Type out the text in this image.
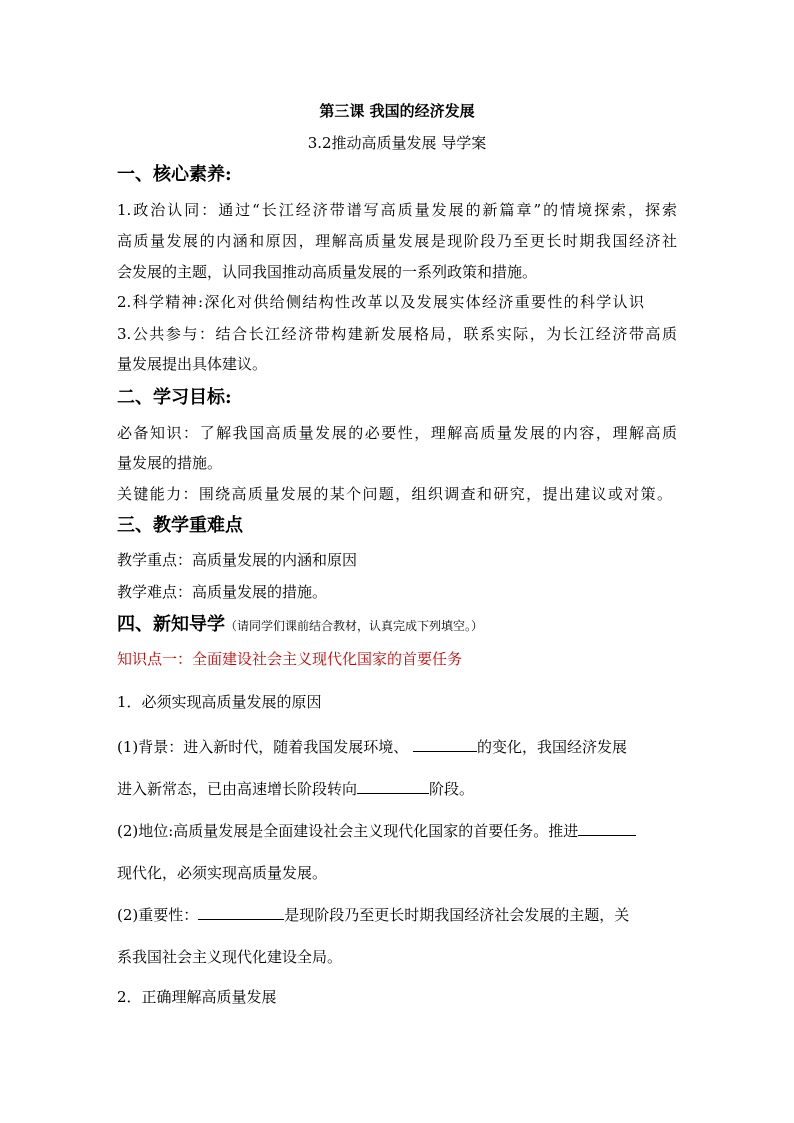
第三课 我国的经济发展
3.2推动高质量发展 导学案
一、核心素养:
1.政治认同：通过“长江经济带谱写高质量发展的新篇章”的情境探索，探索
高质量发展的内涵和原因，理解高质量发展是现阶段乃至更长时期我国经济社
会发展的主题，认同我国推动高质量发展的一系列政策和措施。
2.科学精神:深化对供给侧结构性改革以及发展实体经济重要性的科学认识
3.公共参与：结合长江经济带构建新发展格局，联系实际，为长江经济带高质
量发展提出具体建议。
二、学习目标:
必备知识：了解我国高质量发展的必要性，理解高质量发展的内容，理解高质
量发展的措施。
关键能力：围绕高质量发展的某个问题，组织调查和研究，提出建议或对策。
三、教学重难点
教学重点：高质量发展的内涵和原因
教学难点：高质量发展的措施。
四、新知导学（请同学们课前结合教材，认真完成下列填空。）
知识点一：全面建设社会主义现代化国家的首要任务
1．必须实现高质量发展的原因
(1)背景：进入新时代，随着我国发展环境、	的变化，我国经济发展
进入新常态，已由高速增长阶段转向	阶段。
(2)地位:高质量发展是全面建设社会主义现代化国家的首要任务。推进
现代化，必须实现高质量发展。
(2)重要性：	是现阶段乃至更长时期我国经济社会发展的主题，关
系我国社会主义现代化建设全局。
2．正确理解高质量发展
